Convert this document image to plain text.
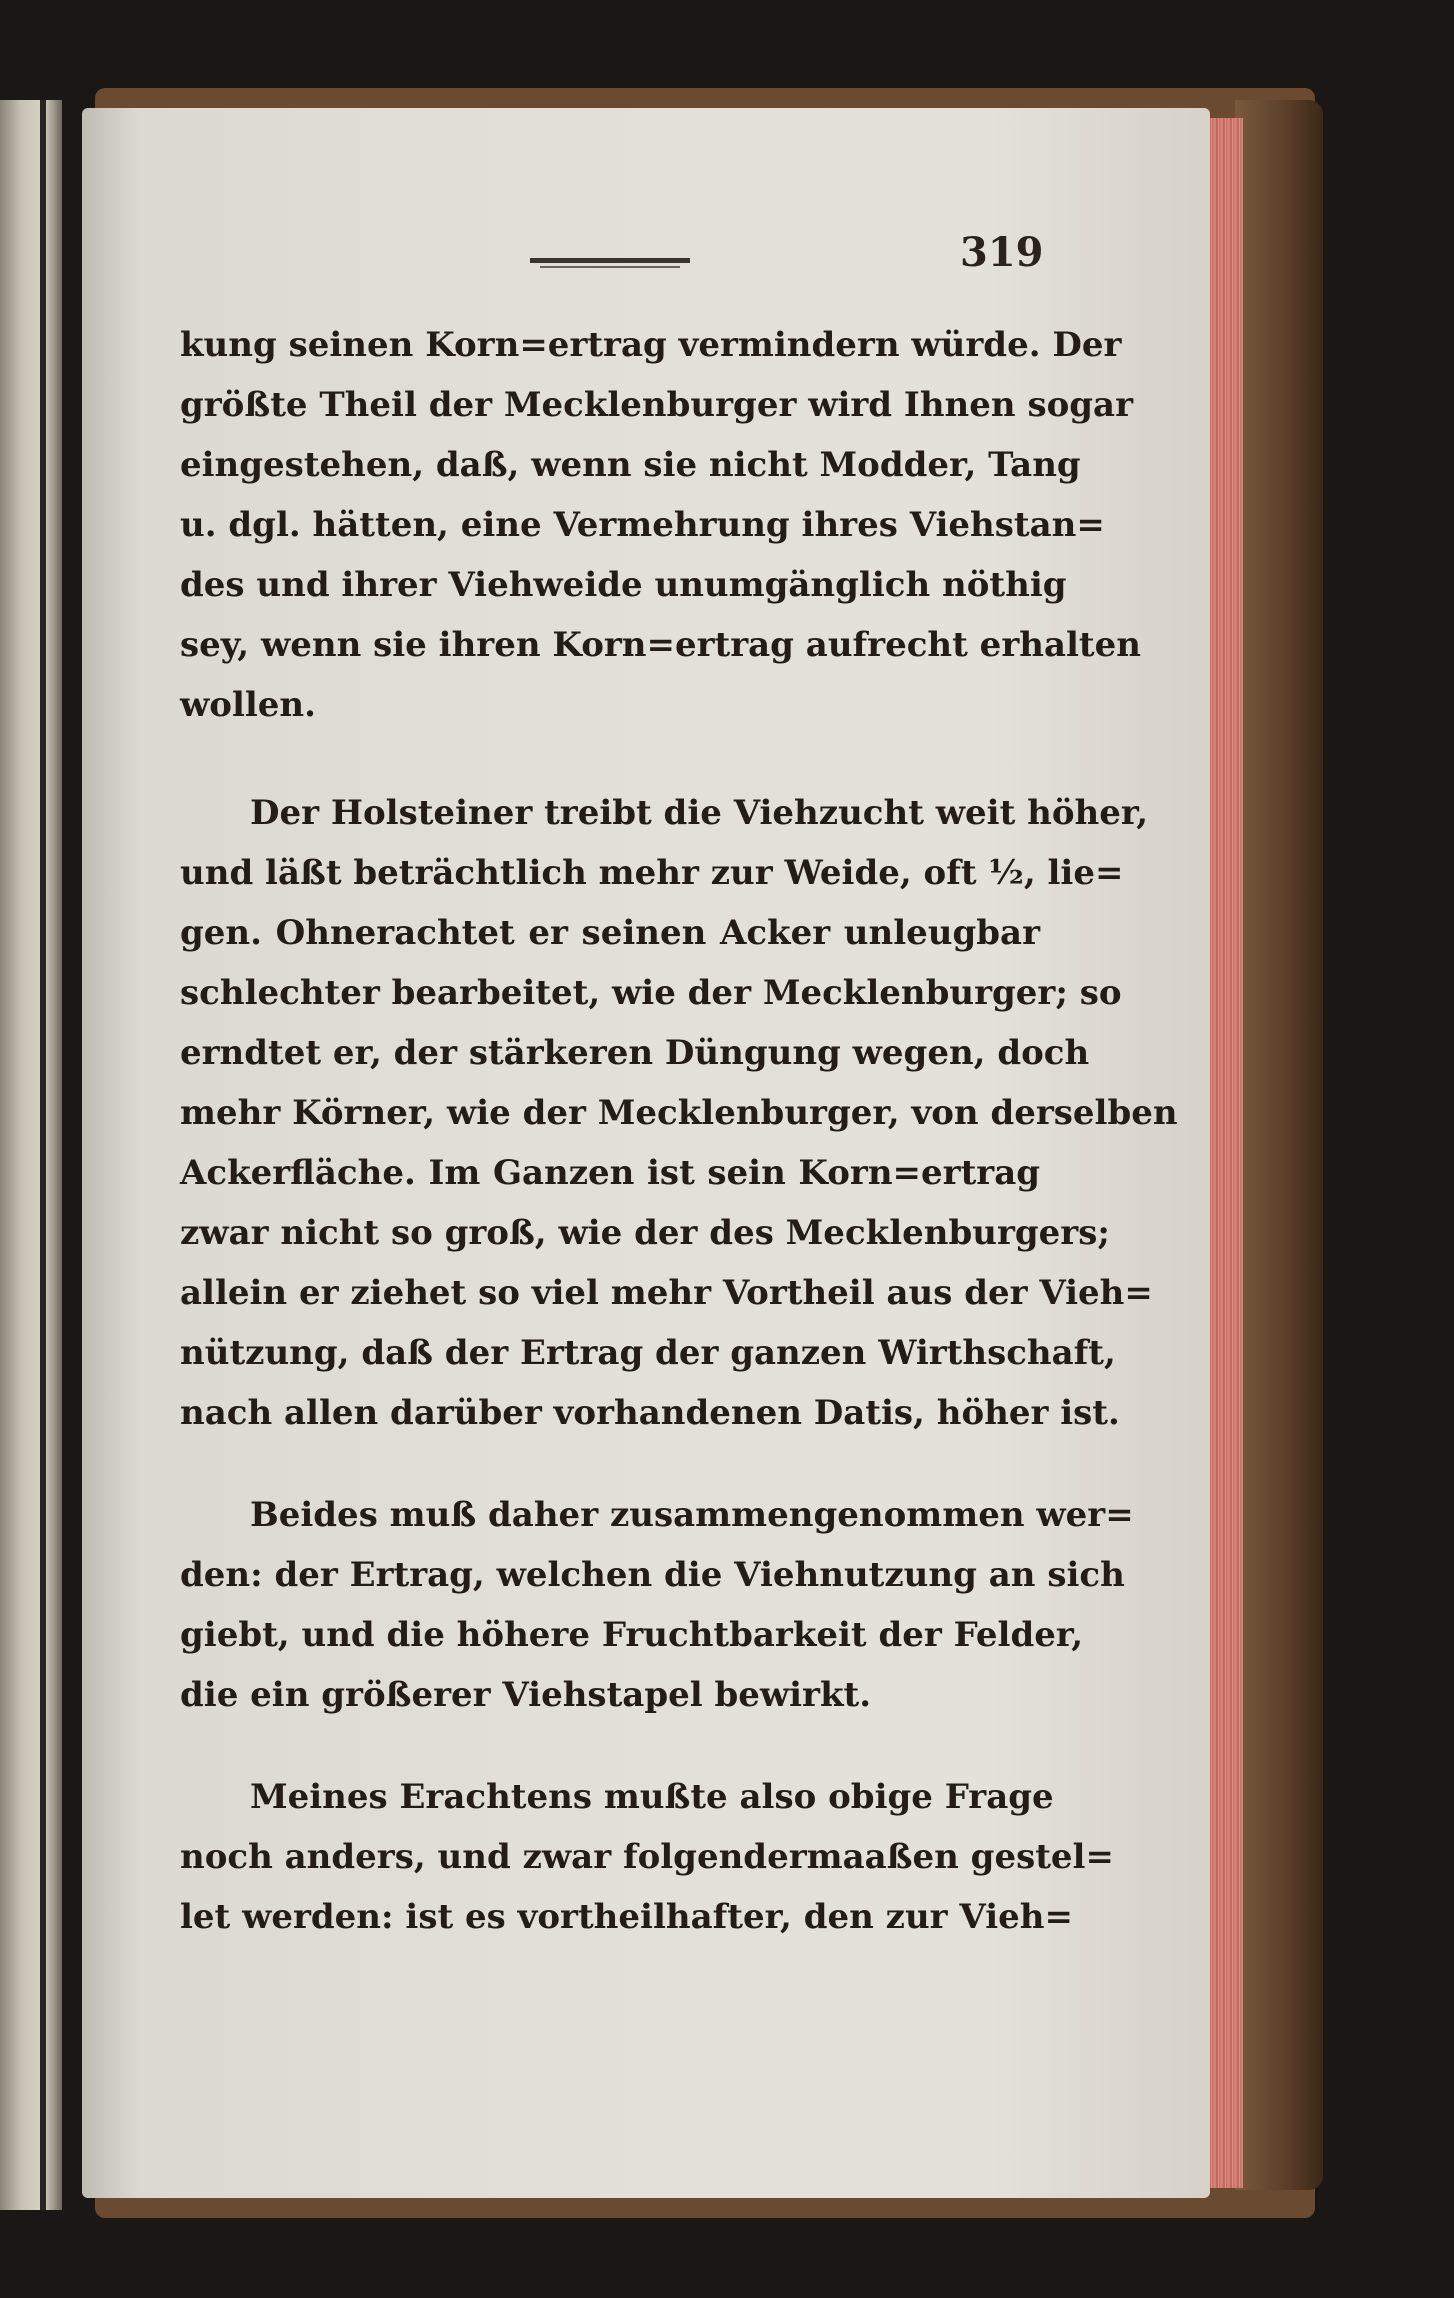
319
kung seinen Korn=ertrag vermindern würde. Der
größte Theil der Mecklenburger wird Ihnen sogar
eingestehen, daß, wenn sie nicht Modder, Tang
u. dgl. hätten, eine Vermehrung ihres Viehstan=
des und ihrer Viehweide unumgänglich nöthig
sey, wenn sie ihren Korn=ertrag aufrecht erhalten
wollen.
Der Holsteiner treibt die Viehzucht weit höher,
und läßt beträchtlich mehr zur Weide, oft ½, lie=
gen. Ohnerachtet er seinen Acker unleugbar
schlechter bearbeitet, wie der Mecklenburger; so
erndtet er, der stärkeren Düngung wegen, doch
mehr Körner, wie der Mecklenburger, von derselben
Ackerfläche. Im Ganzen ist sein Korn=ertrag
zwar nicht so groß, wie der des Mecklenburgers;
allein er ziehet so viel mehr Vortheil aus der Vieh=
nützung, daß der Ertrag der ganzen Wirthschaft,
nach allen darüber vorhandenen Datis, höher ist.
Beides muß daher zusammengenommen wer=
den: der Ertrag, welchen die Viehnutzung an sich
giebt, und die höhere Fruchtbarkeit der Felder,
die ein größerer Viehstapel bewirkt.
Meines Erachtens mußte also obige Frage
noch anders, und zwar folgendermaaßen gestel=
let werden: ist es vortheilhafter, den zur Vieh=
